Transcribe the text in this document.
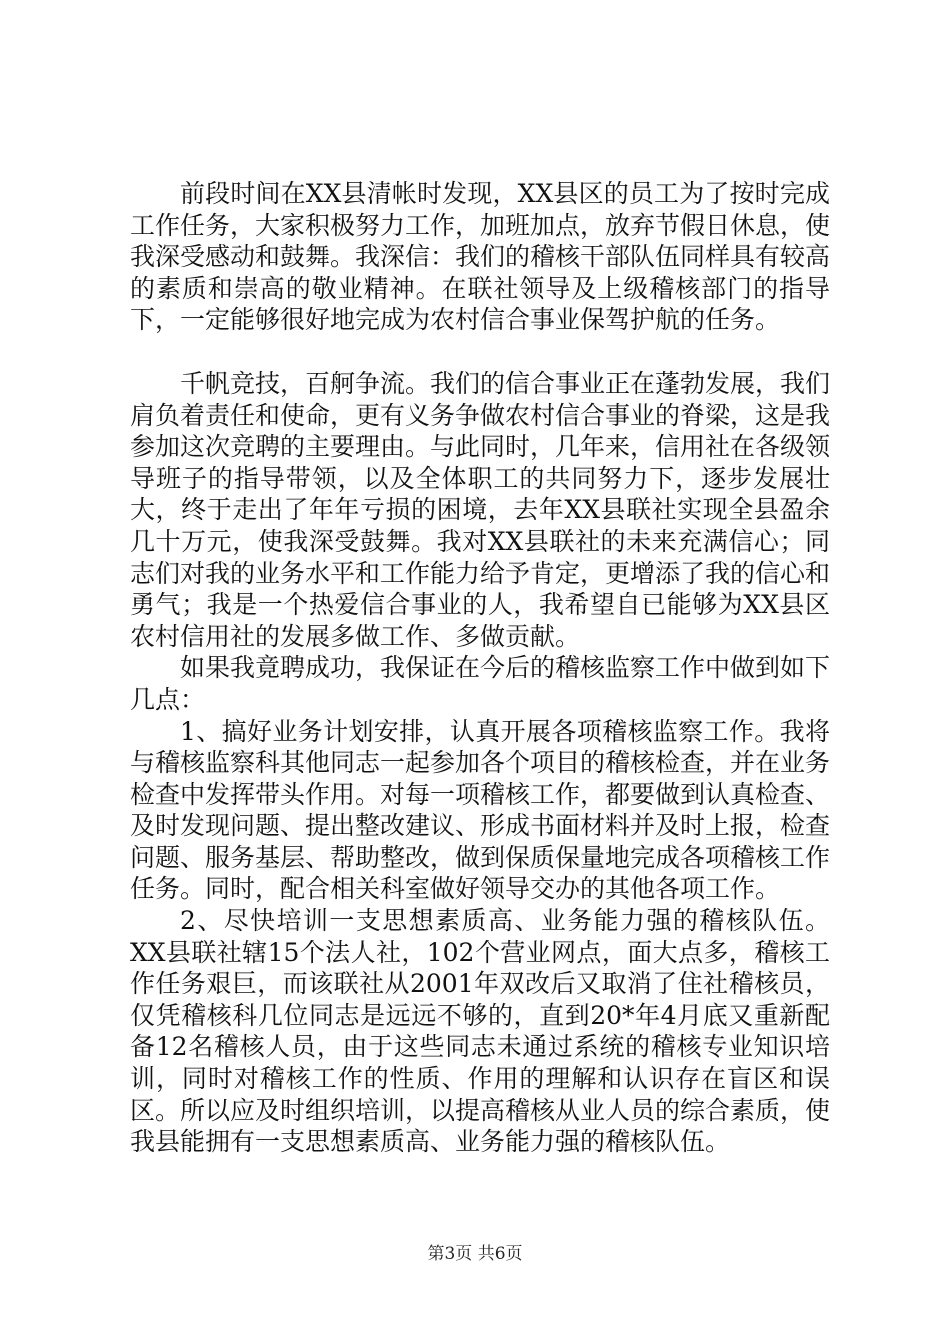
前段时间在XX县清帐时发现，XX县区的员工为了按时完成工作任务，大家积极努力工作，加班加点，放弃节假日休息，使我深受感动和鼓舞。我深信：我们的稽核干部队伍同样具有较高的素质和崇高的敬业精神。在联社领导及上级稽核部门的指导下，一定能够很好地完成为农村信合事业保驾护航的任务。

千帆竞技，百舸争流。我们的信合事业正在蓬勃发展，我们肩负着责任和使命，更有义务争做农村信合事业的脊梁，这是我参加这次竞聘的主要理由。与此同时，几年来，信用社在各级领导班子的指导带领，以及全体职工的共同努力下，逐步发展壮大，终于走出了年年亏损的困境，去年XX县联社实现全县盈余几十万元，使我深受鼓舞。我对XX县联社的未来充满信心；同志们对我的业务水平和工作能力给予肯定，更增添了我的信心和勇气；我是一个热爱信合事业的人，我希望自已能够为XX县区农村信用社的发展多做工作、多做贡献。

如果我竟聘成功，我保证在今后的稽核监察工作中做到如下几点：

1、搞好业务计划安排，认真开展各项稽核监察工作。我将与稽核监察科其他同志一起参加各个项目的稽核检查，并在业务检查中发挥带头作用。对每一项稽核工作，都要做到认真检查、及时发现问题、提出整改建议、形成书面材料并及时上报，检查问题、服务基层、帮助整改，做到保质保量地完成各项稽核工作任务。同时，配合相关科室做好领导交办的其他各项工作。

2、尽快培训一支思想素质高、业务能力强的稽核队伍。XX县联社辖15个法人社，102个营业网点，面大点多，稽核工作任务艰巨，而该联社从2001年双改后又取消了住社稽核员，仅凭稽核科几位同志是远远不够的，直到20*年4月底又重新配备12名稽核人员，由于这些同志未通过系统的稽核专业知识培训，同时对稽核工作的性质、作用的理解和认识存在盲区和误区。所以应及时组织培训，以提高稽核从业人员的综合素质，使我县能拥有一支思想素质高、业务能力强的稽核队伍。

第3页 共6页
